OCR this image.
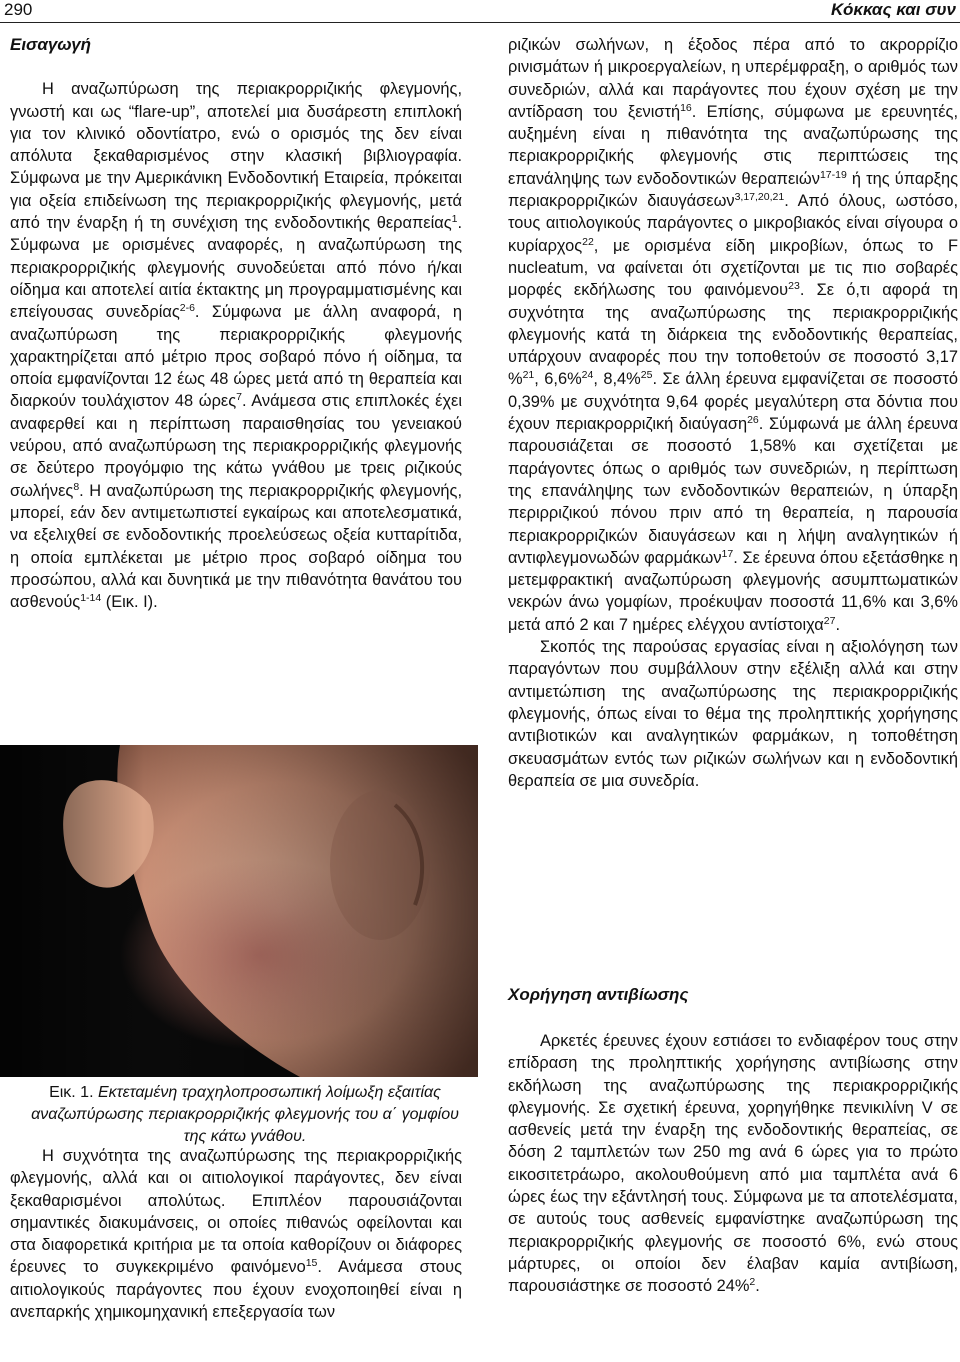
290	Κόκκας και συν
Εισαγωγή

Η αναζωπύρωση της περιακρορριζικής φλεγμονής, γνωστή και ως “flare-up”, αποτελεί μια δυσάρεστη επιπλοκή για τον κλινικό οδοντίατρο, ενώ ο ορισμός της δεν είναι απόλυτα ξεκαθαρισμένος στην κλασική βιβλιογραφία. Σύμφωνα με την Αμερικάνικη Ενδοδοντική Εταιρεία, πρόκειται για οξεία επιδείνωση της περιακρορριζικής φλεγμονής, μετά από την έναρξη ή τη συνέχιση της ενδοδοντικής θεραπείας$^1$. Σύμφωνα με ορισμένες αναφορές, η αναζωπύρωση της περιακρορριζικής φλεγμονής συνοδεύεται από πόνο ή/και οίδημα και αποτελεί αιτία έκτακτης μη προγραμματισμένης και επείγουσας συνεδρίας$^{2-6}$. Σύμφωνα με άλλη αναφορά, η αναζωπύρωση της περιακρορριζικής φλεγμονής χαρακτηρίζεται από μέτριο προς σοβαρό πόνο ή οίδημα, τα οποία εμφανίζονται 12 έως 48 ώρες μετά από τη θεραπεία και διαρκούν τουλάχιστον 48 ώρες$^7$. Ανάμεσα στις επιπλοκές έχει αναφερθεί και η περίπτωση παραισθησίας του γενειακού νεύρου, από αναζωπύρωση της περιακρορριζικής φλεγμονής σε δεύτερο προγόμφιο της κάτω γνάθου με τρεις ριζικούς σωλήνες$^8$. Η αναζωπύρωση της περιακρορριζικής φλεγμονής, μπορεί, εάν δεν αντιμετωπιστεί εγκαίρως και αποτελεσματικά, να εξελιχθεί σε ενδοδοντικής προελεύσεως οξεία κυτταρίτιδα, η οποία εμπλέκεται με μέτριο προς σοβαρό οίδημα του προσώπου, αλλά και δυνητικά με την πιθανότητα θανάτου του ασθενούς$^{1-14}$ (Εικ. I).

Εικ. 1. Εκτεταμένη τραχηλοπροσωπική λοίμωξη εξαιτίας αναζωπύρωσης περιακρορριζικής φλεγμονής του α΄ γομφίου της κάτω γνάθου.

Η συχνότητα της αναζωπύρωσης της περιακρορριζικής φλεγμονής, αλλά και οι αιτιολογικοί παράγοντες, δεν είναι ξεκαθαρισμένοι απολύτως. Επιπλέον παρουσιάζονται σημαντικές διακυμάνσεις, οι οποίες πιθανώς οφείλονται και στα διαφορετικά κριτήρια με τα οποία καθορίζουν οι διάφορες έρευνες το συγκεκριμένο φαινόμενο$^{15}$. Ανάμεσα στους αιτιολογικούς παράγοντες που έχουν ενοχοποιηθεί είναι η ανεπαρκής χημικομηχανική επεξεργασία των

ριζικών σωλήνων, η έξοδος πέρα από το ακρορρίζιο ρινισμάτων ή μικροεργαλείων, η υπερέμφραξη, ο αριθμός των συνεδριών, αλλά και παράγοντες που έχουν σχέση με την αντίδραση του ξενιστή$^{16}$. Επίσης, σύμφωνα με ερευνητές, αυξημένη είναι η πιθανότητα της αναζωπύρωσης της περιακρορριζικής φλεγμονής στις περιπτώσεις της επανάληψης των ενδοδοντικών θεραπειών$^{17-19}$ ή της ύπαρξης περιακρορριζικών διαυγάσεων$^{3,17,20,21}$. Από όλους, ωστόσο, τους αιτιολογικούς παράγοντες ο μικροβιακός είναι σίγουρα ο κυρίαρχος$^{22}$, με ορισμένα είδη μικροβίων, όπως το F nucleatum, να φαίνεται ότι σχετίζονται με τις πιο σοβαρές μορφές εκδήλωσης του φαινόμενου$^{23}$. Σε ό,τι αφορά τη συχνότητα της αναζωπύρωσης της περιακρορριζικής φλεγμονής κατά τη διάρκεια της ενδοδοντικής θεραπείας, υπάρχουν αναφορές που την τοποθετούν σε ποσοστό 3,17 %$^{21}$, 6,6%$^{24}$, 8,4%$^{25}$. Σε άλλη έρευνα εμφανίζεται σε ποσοστό 0,39% με συχνότητα 9,64 φορές μεγαλύτερη στα δόντια που έχουν περιακρορριζική διαύγαση$^{26}$. Σύμφωνά με άλλη έρευνα παρουσιάζεται σε ποσοστό 1,58% και σχετίζεται με παράγοντες όπως ο αριθμός των συνεδριών, η περίπτωση της επανάληψης των ενδοδοντικών θεραπειών, η ύπαρξη περιρριζικού πόνου πριν από τη θεραπεία, η παρουσία περιακρορριζικών διαυγάσεων και η λήψη αναλγητικών ή αντιφλεγμονωδών φαρμάκων$^{17}$. Σε έρευνα όπου εξετάσθηκε η μετεμφρακτική αναζωπύρωση φλεγμονής ασυμπτωματικών νεκρών άνω γομφίων, προέκυψαν ποσοστά 11,6% και 3,6% μετά από 2 και 7 ημέρες ελέγχου αντίστοιχα$^{27}$.

Σκοπός της παρούσας εργασίας είναι η αξιολόγηση των παραγόντων που συμβάλλουν στην εξέλιξη αλλά και στην αντιμετώπιση της αναζωπύρωσης της περιακρορριζικής φλεγμονής, όπως είναι το θέμα της προληπτικής χορήγησης αντιβιοτικών και αναλγητικών φαρμάκων, η τοποθέτηση σκευασμάτων εντός των ριζικών σωλήνων και η ενδοδοντική θεραπεία σε μια συνεδρία.

Χορήγηση αντιβίωσης

Αρκετές έρευνες έχουν εστιάσει το ενδιαφέρον τους στην επίδραση της προληπτικής χορήγησης αντιβίωσης στην εκδήλωση της αναζωπύρωσης της περιακρορριζικής φλεγμονής. Σε σχετική έρευνα, χορηγήθηκε πενικιλίνη V σε ασθενείς μετά την έναρξη της ενδοδοντικής θεραπείας, σε δόση 2 ταμπλετών των 250 mg ανά 6 ώρες για το πρώτο εικοσιτετράωρο, ακολουθούμενη από μια ταμπλέτα ανά 6 ώρες έως την εξάντλησή τους. Σύμφωνα με τα αποτελέσματα, σε αυτούς τους ασθενείς εμφανίστηκε αναζωπύρωση της περιακρορριζικής φλεγμονής σε ποσοστό 6%, ενώ στους μάρτυρες, οι οποίοι δεν έλαβαν καμία αντιβίωση, παρουσιάστηκε σε ποσοστό 24%$^2$.
